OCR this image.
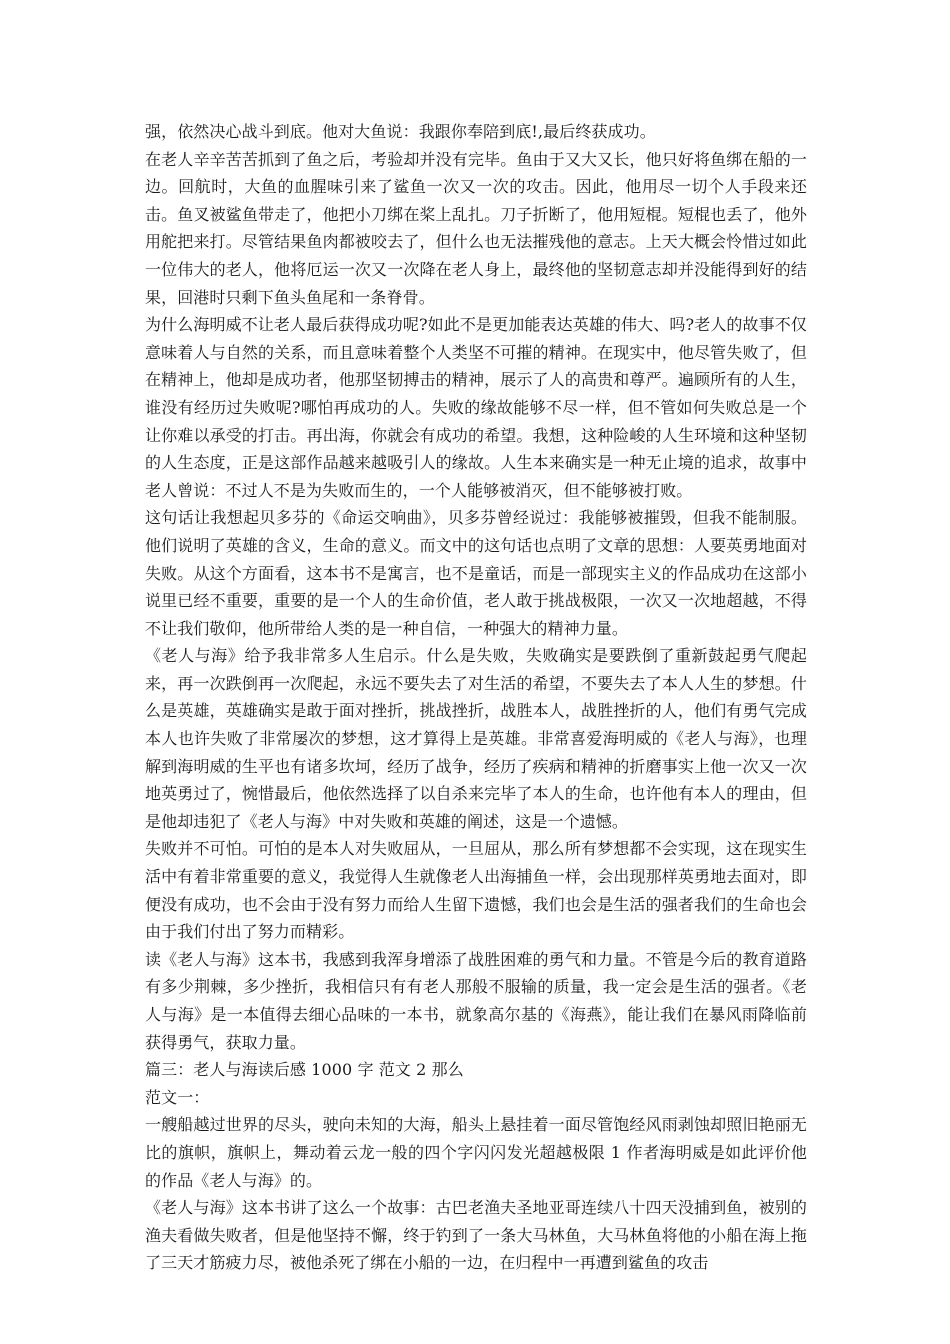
强，依然决心战斗到底。他对大鱼说：我跟你奉陪到底!,最后终获成功。

在老人辛辛苦苦抓到了鱼之后，考验却并没有完毕。鱼由于又大又长，他只好将鱼绑在船的一边。回航时，大鱼的血腥味引来了鲨鱼一次又一次的攻击。因此，他用尽一切个人手段来还击。鱼叉被鲨鱼带走了，他把小刀绑在桨上乱扎。刀子折断了，他用短棍。短棍也丢了，他外用舵把来打。尽管结果鱼肉都被咬去了，但什么也无法摧残他的意志。上天大概会怜惜过如此一位伟大的老人，他将厄运一次又一次降在老人身上，最终他的坚韧意志却并没能得到好的结果，回港时只剩下鱼头鱼尾和一条脊骨。

为什么海明威不让老人最后获得成功呢?如此不是更加能表达英雄的伟大、吗?老人的故事不仅意味着人与自然的关系，而且意味着整个人类坚不可摧的精神。在现实中，他尽管失败了，但在精神上，他却是成功者，他那坚韧搏击的精神，展示了人的高贵和尊严。遍顾所有的人生，谁没有经历过失败呢?哪怕再成功的人。失败的缘故能够不尽一样，但不管如何失败总是一个让你难以承受的打击。再出海，你就会有成功的希望。我想，这种险峻的人生环境和这种坚韧的人生态度，正是这部作品越来越吸引人的缘故。人生本来确实是一种无止境的追求，故事中老人曾说：不过人不是为失败而生的，一个人能够被消灭，但不能够被打败。

这句话让我想起贝多芬的《命运交响曲》，贝多芬曾经说过：我能够被摧毁，但我不能制服。他们说明了英雄的含义，生命的意义。而文中的这句话也点明了文章的思想：人要英勇地面对失败。从这个方面看，这本书不是寓言，也不是童话，而是一部现实主义的作品成功在这部小说里已经不重要，重要的是一个人的生命价值，老人敢于挑战极限，一次又一次地超越，不得不让我们敬仰，他所带给人类的是一种自信，一种强大的精神力量。

《老人与海》给予我非常多人生启示。什么是失败，失败确实是要跌倒了重新鼓起勇气爬起来，再一次跌倒再一次爬起，永远不要失去了对生活的希望，不要失去了本人人生的梦想。什么是英雄，英雄确实是敢于面对挫折，挑战挫折，战胜本人，战胜挫折的人，他们有勇气完成本人也许失败了非常屡次的梦想，这才算得上是英雄。非常喜爱海明威的《老人与海》，也理解到海明威的生平也有诸多坎坷，经历了战争，经历了疾病和精神的折磨事实上他一次又一次地英勇过了，惋惜最后，他依然选择了以自杀来完毕了本人的生命，也许他有本人的理由，但是他却违犯了《老人与海》中对失败和英雄的阐述，这是一个遗憾。

失败并不可怕。可怕的是本人对失败屈从，一旦屈从，那么所有梦想都不会实现，这在现实生活中有着非常重要的意义，我觉得人生就像老人出海捕鱼一样，会出现那样英勇地去面对，即便没有成功，也不会由于没有努力而给人生留下遗憾，我们也会是生活的强者我们的生命也会由于我们付出了努力而精彩。

读《老人与海》这本书，我感到我浑身增添了战胜困难的勇气和力量。不管是今后的教育道路有多少荆棘，多少挫折，我相信只有有老人那般不服输的质量，我一定会是生活的强者。《老人与海》是一本值得去细心品味的一本书，就象高尔基的《海燕》，能让我们在暴风雨降临前获得勇气，获取力量。

篇三：老人与海读后感 1000 字 范文 2 那么

范文一：

一艘船越过世界的尽头，驶向未知的大海，船头上悬挂着一面尽管饱经风雨剥蚀却照旧艳丽无比的旗帜，旗帜上，舞动着云龙一般的四个字闪闪发光超越极限 1 作者海明威是如此评价他的作品《老人与海》的。

《老人与海》这本书讲了这么一个故事：古巴老渔夫圣地亚哥连续八十四天没捕到鱼，被别的渔夫看做失败者，但是他坚持不懈，终于钓到了一条大马林鱼，大马林鱼将他的小船在海上拖了三天才筋疲力尽，被他杀死了绑在小船的一边，在归程中一再遭到鲨鱼的攻击
